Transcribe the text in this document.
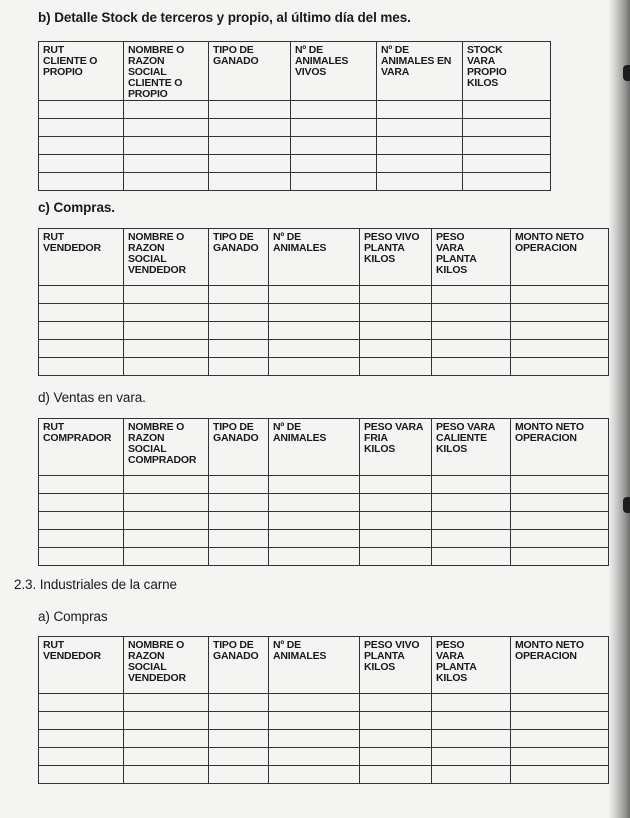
b) Detalle Stock de terceros y propio, al último día del mes.
RUT
CLIENTE O
PROPIO	NOMBRE O
RAZON SOCIAL
CLIENTE O
PROPIO	TIPO DE
GANADO	Nº DE
ANIMALES
VIVOS	Nº DE
ANIMALES EN
VARA	STOCK
VARA
PROPIO
KILOS

c) Compras.
RUT
VENDEDOR	NOMBRE O
RAZON SOCIAL
VENDEDOR	TIPO DE
GANADO	Nº DE
ANIMALES	PESO VIVO
PLANTA
KILOS	PESO
VARA
PLANTA
KILOS	MONTO NETO
OPERACION

d) Ventas en vara.
RUT
COMPRADOR	NOMBRE O
RAZON SOCIAL
COMPRADOR	TIPO DE
GANADO	Nº DE
ANIMALES	PESO VARA
FRIA
KILOS	PESO VARA
CALIENTE
KILOS	MONTO NETO
OPERACION

2.3. Industriales de la carne
a) Compras
RUT
VENDEDOR	NOMBRE O
RAZON SOCIAL
VENDEDOR	TIPO DE
GANADO	Nº DE
ANIMALES	PESO VIVO
PLANTA
KILOS	PESO
VARA
PLANTA
KILOS	MONTO NETO
OPERACION
